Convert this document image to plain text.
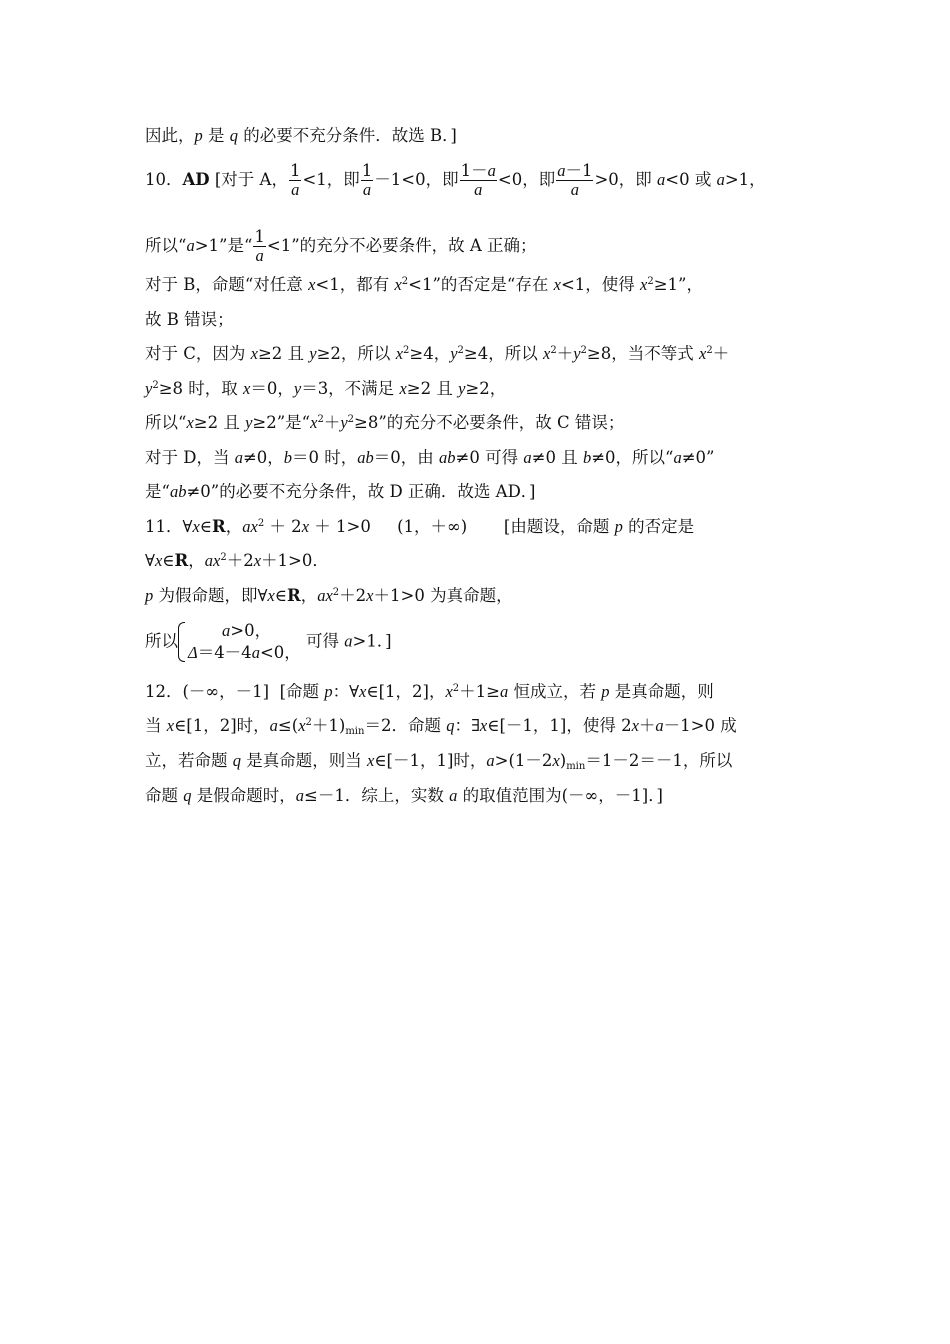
因此，p 是 q 的必要不充分条件．故选 B．]
10．AD [对于 A， $\frac{1}{a} <1$，即 $\frac{1}{a} -1<0$，即 $\frac{1-a}{a} <0$，即 $\frac{a-1}{a} >0$，即 a<0 或 a>1，
所以“a>1”是“ $\frac{1}{a} <1$”的充分不必要条件，故 A 正确；
对于 B，命题“对任意 x<1，都有 $x^2<1$”的否定是“存在 x<1，使得 $x^2\ge 1$”，
故 B 错误；
对于 C，因为 x≥2 且 y≥2，所以 $x^2\ge 4$，$y^2\ge 4$，所以 $x^2+y^2\ge 8$，当不等式 $x^2+$
$y^2\ge 8$ 时，取 x＝0，y＝3，不满足 x≥2 且 y≥2，
所以“x≥2 且 y≥2”是“$x^2+y^2\ge 8$”的充分不必要条件，故 C 错误；
对于 D，当 a≠0，b＝0 时，ab＝0，由 ab≠0 可得 a≠0 且 b≠0，所以“a≠0”
是“ab≠0”的必要不充分条件，故 D 正确．故选 AD．]
11．∀x∈R，$ax^2 + 2x + 1>0$ (1，＋∞) [由题设，命题 p 的否定是
∀x∈R，$ax^2+2x+1>0$．
p 为假命题，即∀x∈R，$ax^2+2x+1>0$ 为真命题，
所以
a>0，
Δ＝4－4a<0，
可得 a>1．]
12．(－∞，－1] [命题 p：∀x∈[1，2]，$x^2+1\ge a$ 恒成立，若 p 是真命题，则
当 x∈[1，2]时，$a\le(x^2+1)_{min}=2$．命题 q：∃x∈[－1，1]，使得 2x＋a－1>0 成
立，若命题 q 是真命题，则当 x∈[－1，1]时，$a>(1-2x)_{min}=1-2=-1$，所以
命题 q 是假命题时，a≤－1．综上，实数 a 的取值范围为(－∞，－1]．]
